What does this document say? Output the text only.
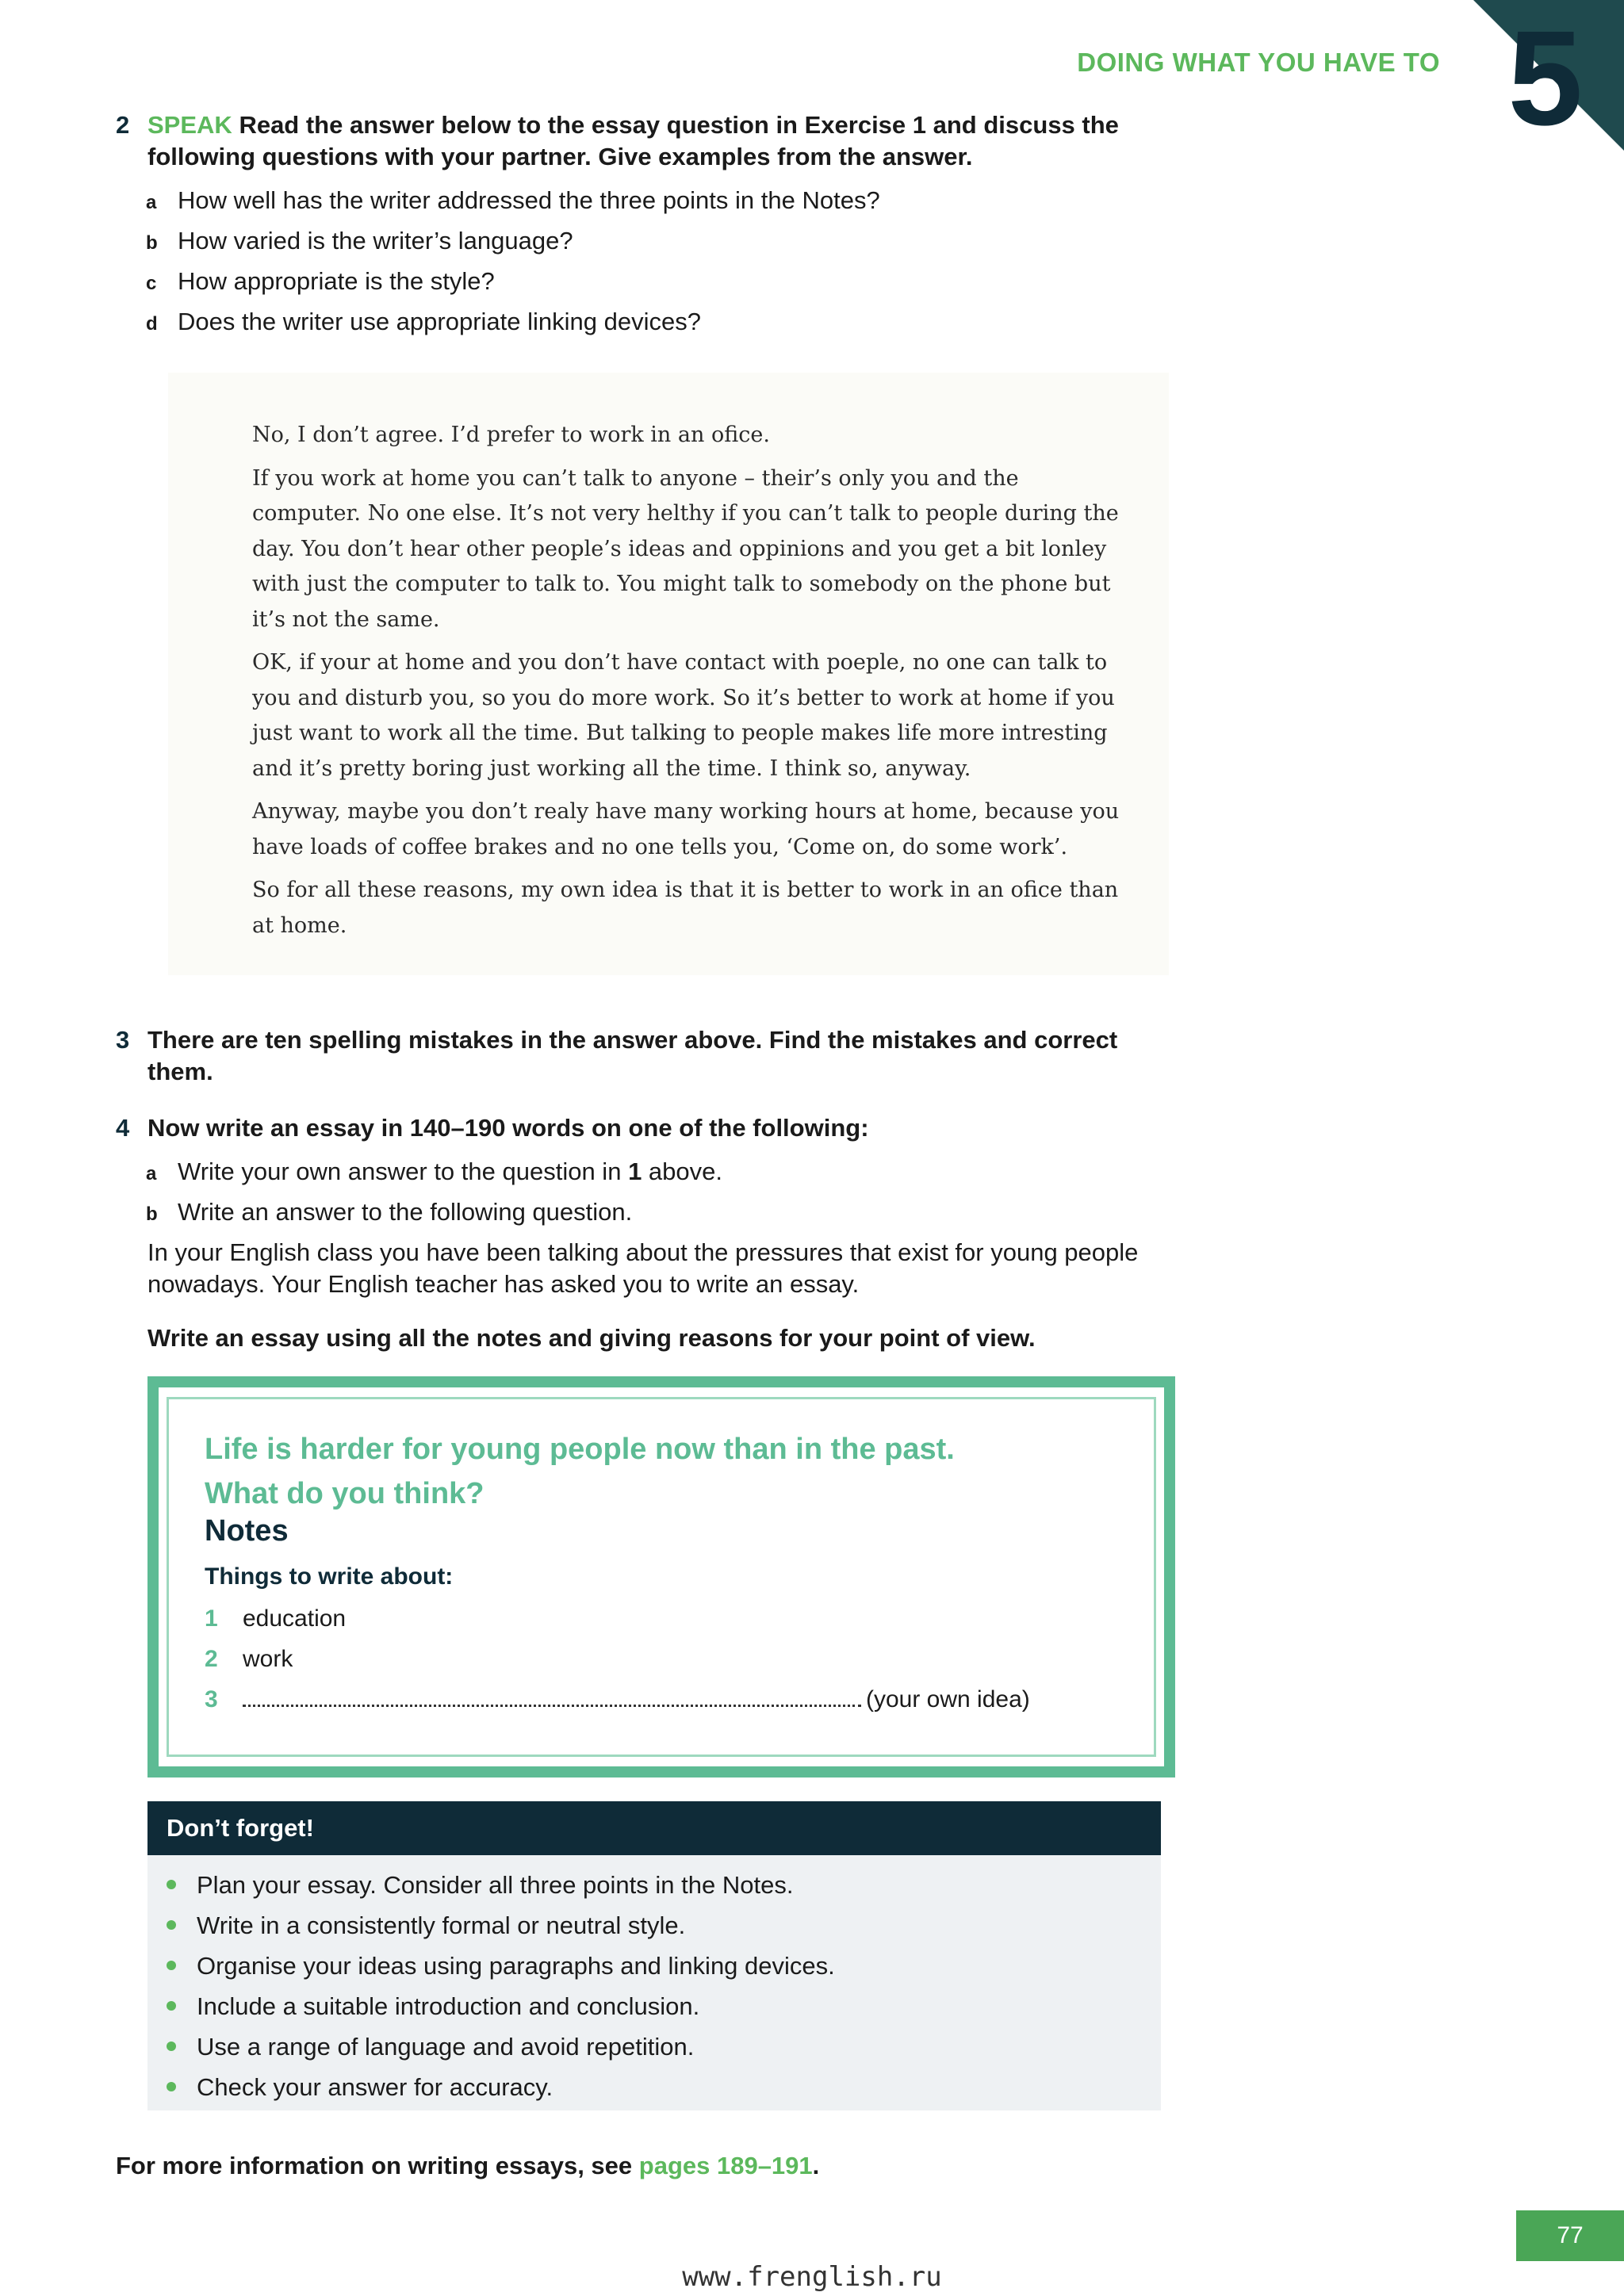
DOING WHAT YOU HAVE TO 5
2 SPEAK Read the answer below to the essay question in Exercise 1 and discuss the following questions with your partner. Give examples from the answer.
a How well has the writer addressed the three points in the Notes?
b How varied is the writer’s language?
c How appropriate is the style?
d Does the writer use appropriate linking devices?

No, I don’t agree. I’d prefer to work in an ofice.

If you work at home you can’t talk to anyone – their’s only you and the computer. No one else. It’s not very helthy if you can’t talk to people during the day. You don’t hear other people’s ideas and oppinions and you get a bit lonley with just the computer to talk to. You might talk to somebody on the phone but it’s not the same.

OK, if your at home and you don’t have contact with poeple, no one can talk to you and disturb you, so you do more work. So it’s better to work at home if you just want to work all the time. But talking to people makes life more intresting and it’s pretty boring just working all the time. I think so, anyway.

Anyway, maybe you don’t realy have many working hours at home, because you have loads of coffee brakes and no one tells you, ‘Come on, do some work’.

So for all these reasons, my own idea is that it is better to work in an ofice than at home.

3 There are ten spelling mistakes in the answer above. Find the mistakes and correct them.
4 Now write an essay in 140–190 words on one of the following:
a Write your own answer to the question in 1 above.
b Write an answer to the following question.
In your English class you have been talking about the pressures that exist for young people nowadays. Your English teacher has asked you to write an essay.
Write an essay using all the notes and giving reasons for your point of view.
Life is harder for young people now than in the past.
What do you think?
Notes
Things to write about:
1 education
2 work
3	(your own idea)
Don’t forget!
Plan your essay. Consider all three points in the Notes.
Write in a consistently formal or neutral style.
Organise your ideas using paragraphs and linking devices.
Include a suitable introduction and conclusion.
Use a range of language and avoid repetition.
Check your answer for accuracy.
For more information on writing essays, see pages 189–191.
77
www.frenglish.ru
